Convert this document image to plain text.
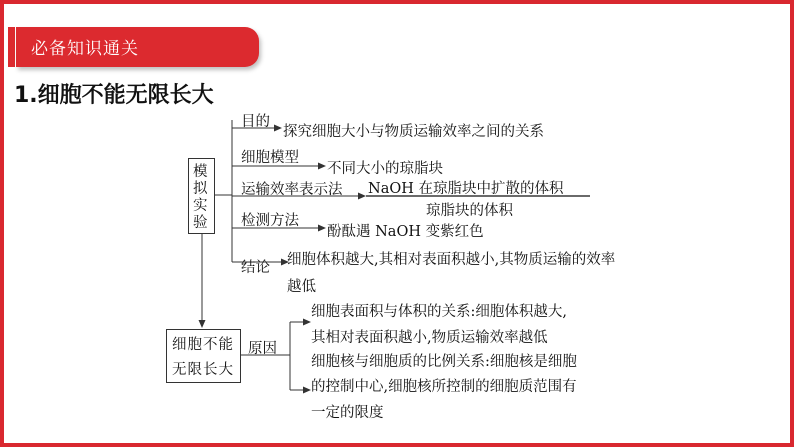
必备知识通关
1.细胞不能无限长大
模
拟
实
验
目的
探究细胞大小与物质运输效率之间的关系
细胞模型
不同大小的琼脂块
运输效率表示法 NaOH 在琼脂块中扩散的体积
琼脂块的体积
检测方法
酚酞遇 NaOH 变紫红色
结论 细胞体积越大,其相对表面积越小,其物质运输的效率
越低
细胞不能
无限长大
原因
细胞表面积与体积的关系:细胞体积越大,
其相对表面积越小,物质运输效率越低
细胞核与细胞质的比例关系:细胞核是细胞
的控制中心,细胞核所控制的细胞质范围有
一定的限度
